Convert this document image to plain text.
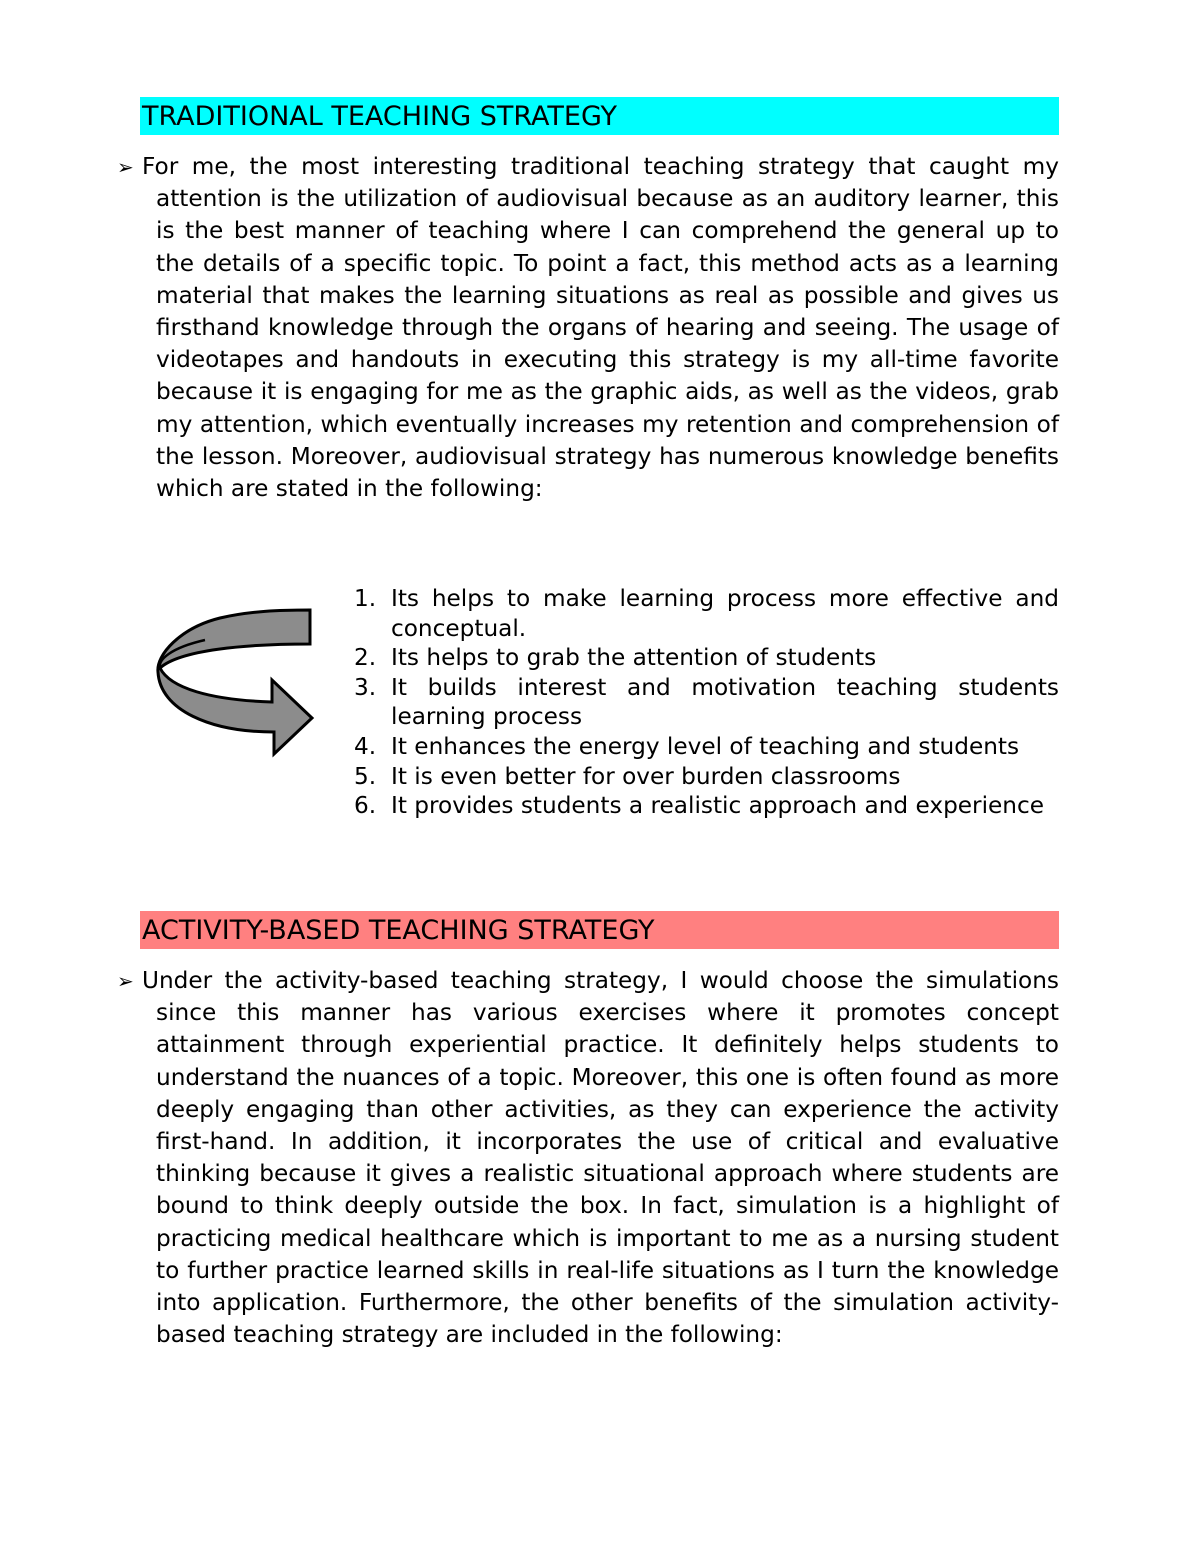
TRADITIONAL TEACHING STRATEGY
➢ For me, the most interesting traditional teaching strategy that caught my attention is the utilization of audiovisual because as an auditory learner, this is the best manner of teaching where I can comprehend the general up to the details of a specific topic. To point a fact, this method acts as a learning material that makes the learning situations as real as possible and gives us firsthand knowledge through the organs of hearing and seeing. The usage of videotapes and handouts in executing this strategy is my all-time favorite because it is engaging for me as the graphic aids, as well as the videos, grab my attention, which eventually increases my retention and comprehension of the lesson. Moreover, audiovisual strategy has numerous knowledge benefits which are stated in the following:
1. Its helps to make learning process more effective and conceptual.
2. Its helps to grab the attention of students
3. It builds interest and motivation teaching students learning process
4. It enhances the energy level of teaching and students
5. It is even better for over burden classrooms
6. It provides students a realistic approach and experience
ACTIVITY-BASED TEACHING STRATEGY
➢ Under the activity-based teaching strategy, I would choose the simulations since this manner has various exercises where it promotes concept attainment through experiential practice. It definitely helps students to understand the nuances of a topic. Moreover, this one is often found as more deeply engaging than other activities, as they can experience the activity first-hand. In addition, it incorporates the use of critical and evaluative thinking because it gives a realistic situational approach where students are bound to think deeply outside the box. In fact, simulation is a highlight of practicing medical healthcare which is important to me as a nursing student to further practice learned skills in real-life situations as I turn the knowledge into application. Furthermore, the other benefits of the simulation activity-based teaching strategy are included in the following:
